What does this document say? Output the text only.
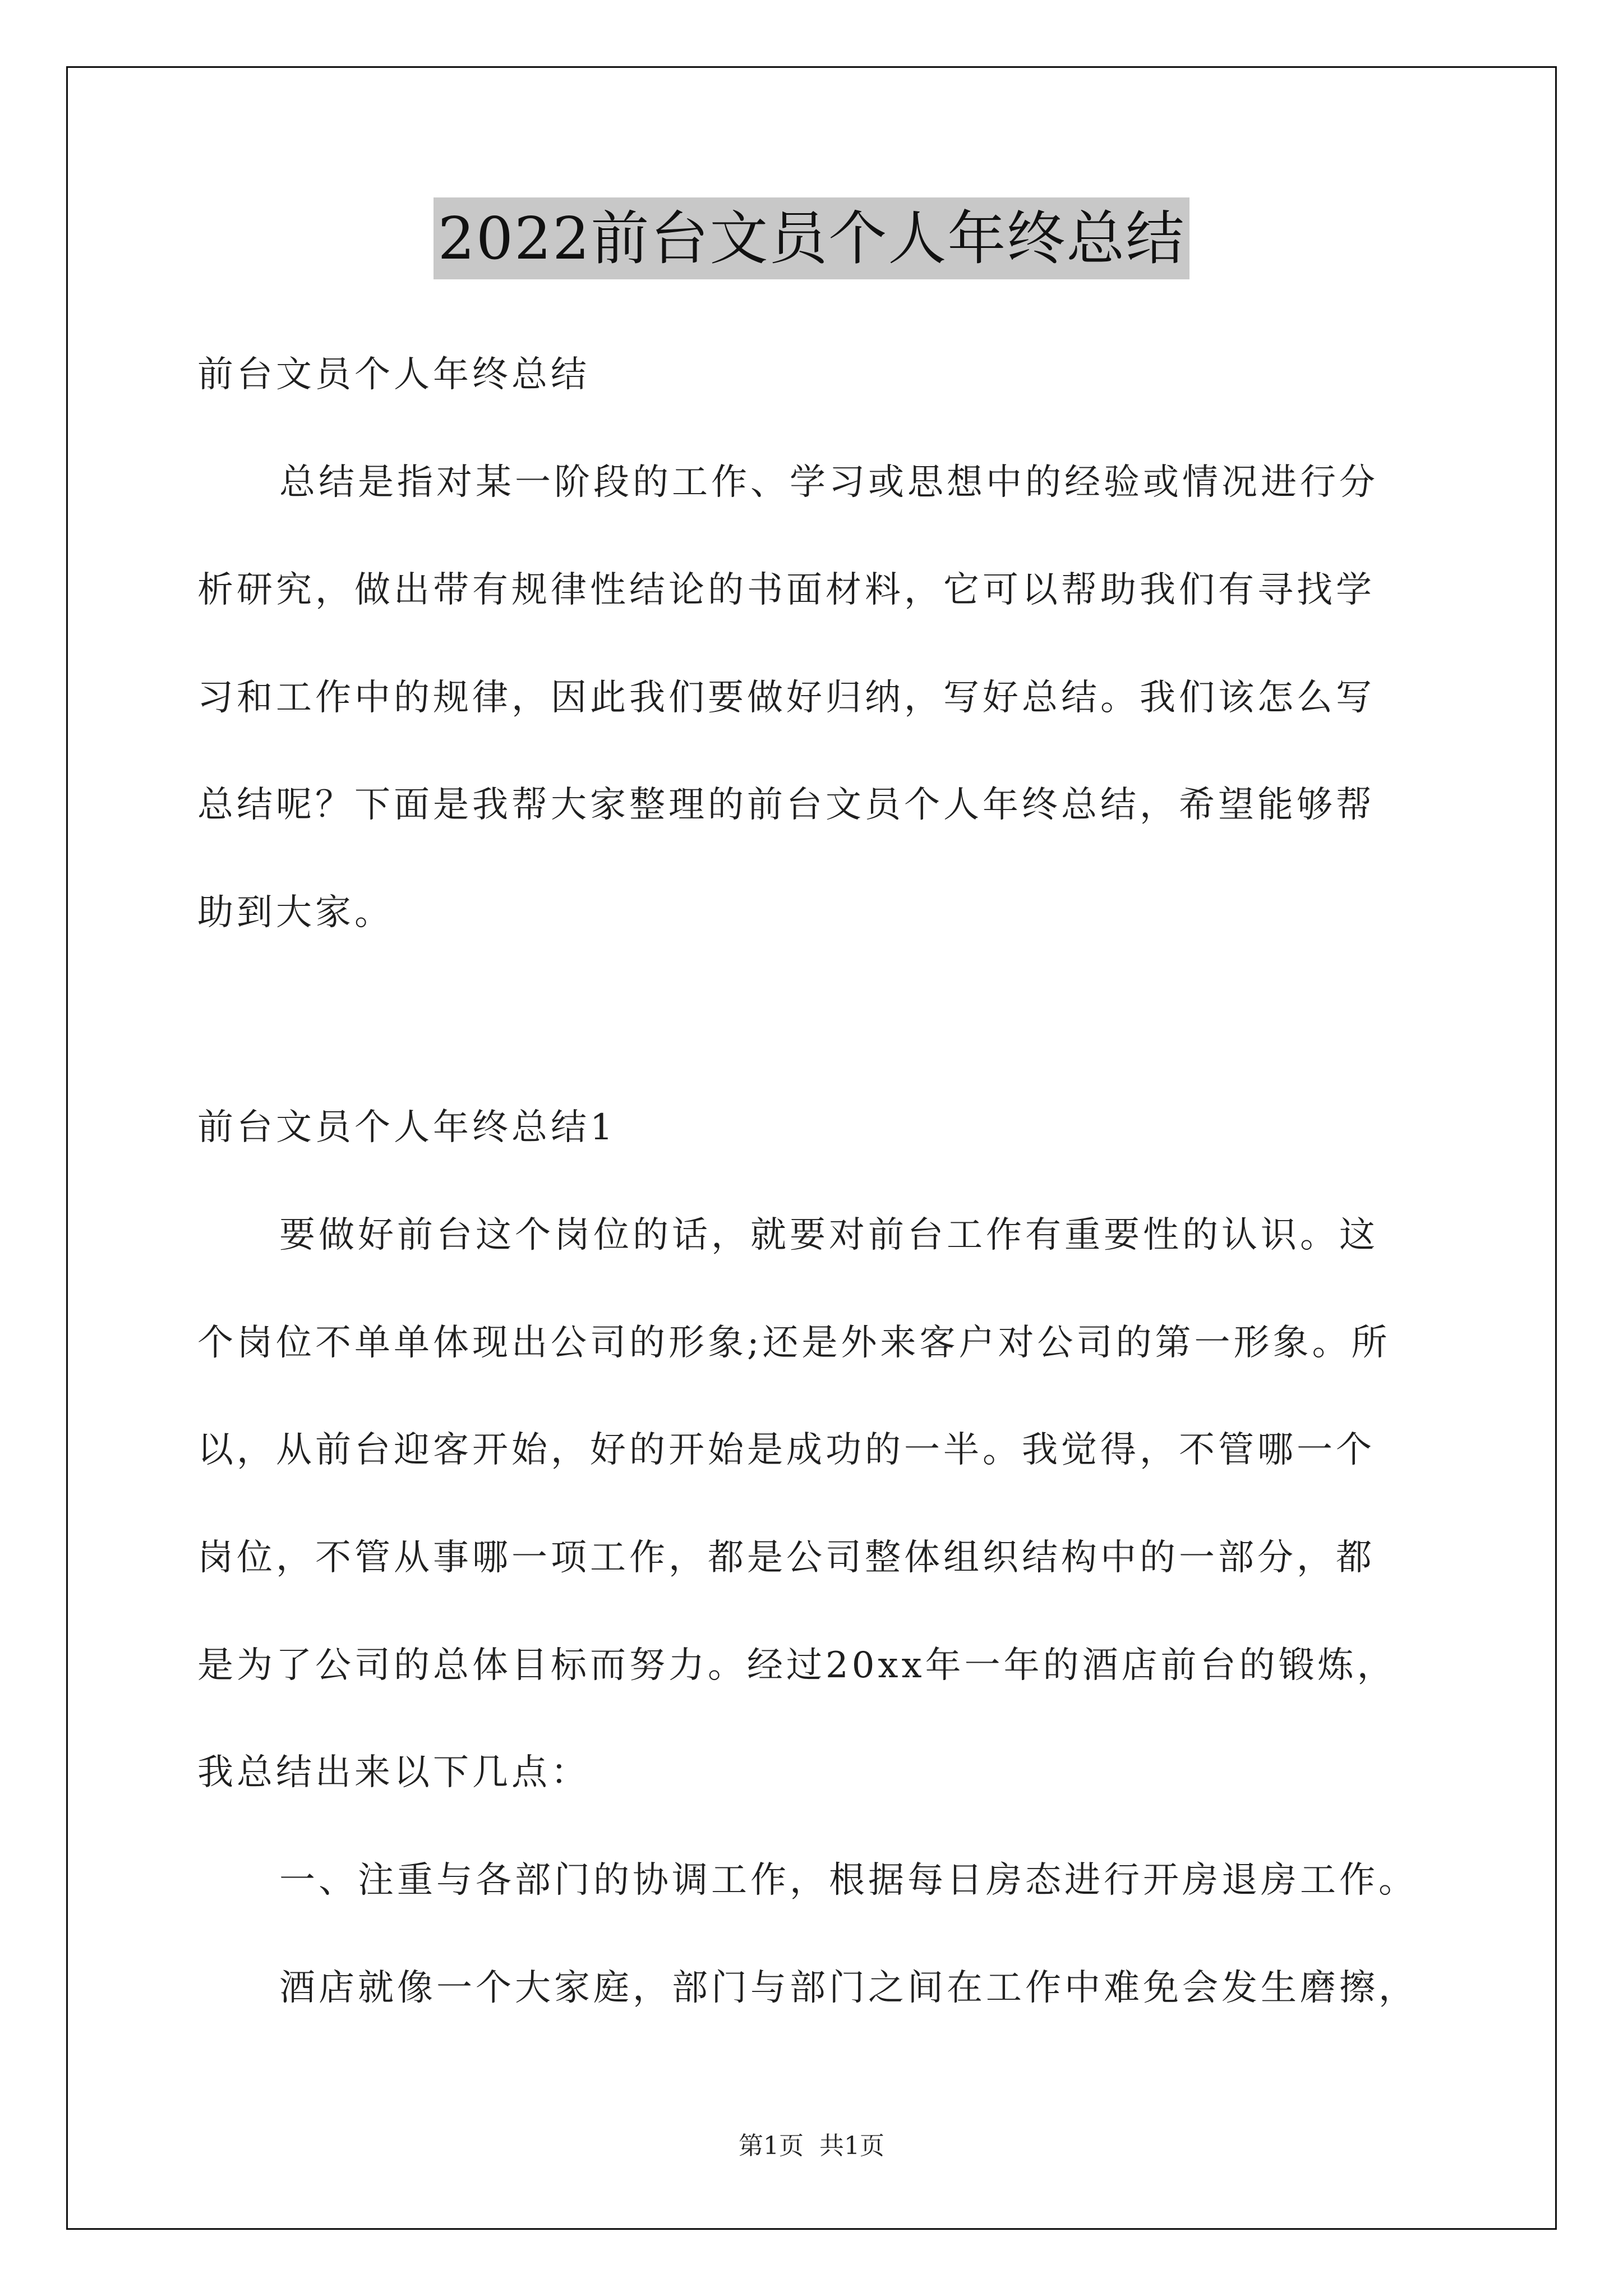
2022前台文员个人年终总结
前台文员个人年终总结
总结是指对某一阶段的工作、学习或思想中的经验或情况进行分
析研究，做出带有规律性结论的书面材料，它可以帮助我们有寻找学
习和工作中的规律，因此我们要做好归纳，写好总结。我们该怎么写
总结呢？下面是我帮大家整理的前台文员个人年终总结，希望能够帮
助到大家。
前台文员个人年终总结1
要做好前台这个岗位的话，就要对前台工作有重要性的认识。这
个岗位不单单体现出公司的形象;还是外来客户对公司的第一形象。所
以，从前台迎客开始，好的开始是成功的一半。我觉得，不管哪一个
岗位，不管从事哪一项工作，都是公司整体组织结构中的一部分，都
是为了公司的总体目标而努力。经过20xx年一年的酒店前台的锻炼，
我总结出来以下几点：
一、注重与各部门的协调工作，根据每日房态进行开房退房工作。
酒店就像一个大家庭，部门与部门之间在工作中难免会发生磨擦，
第1页 共1页
